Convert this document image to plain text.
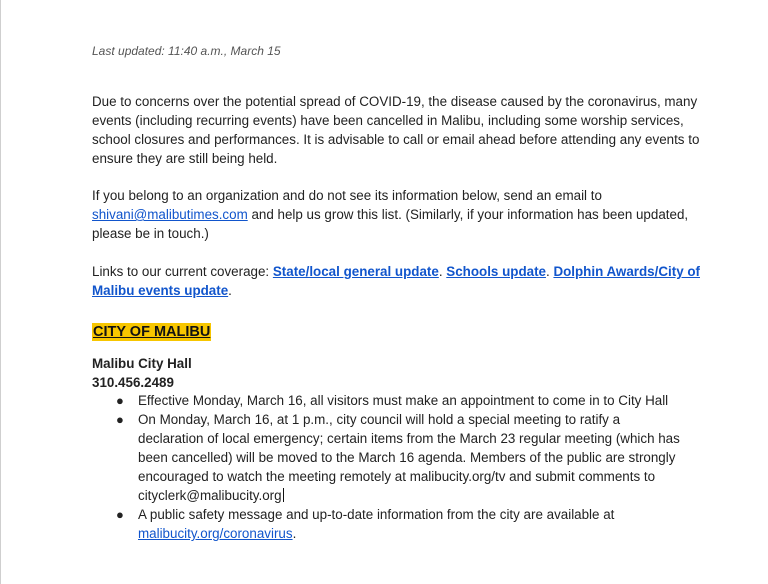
Last updated: 11:40 a.m., March 15
Due to concerns over the potential spread of COVID-19, the disease caused by the coronavirus, many events (including recurring events) have been cancelled in Malibu, including some worship services, school closures and performances. It is advisable to call or email ahead before attending any events to ensure they are still being held.
If you belong to an organization and do not see its information below, send an email to shivani@malibutimes.com and help us grow this list. (Similarly, if your information has been updated, please be in touch.)
Links to our current coverage: State/local general update. Schools update. Dolphin Awards/City of Malibu events update.
CITY OF MALIBU
Malibu City Hall
310.456.2489
● Effective Monday, March 16, all visitors must make an appointment to come in to City Hall
● On Monday, March 16, at 1 p.m., city council will hold a special meeting to ratify a declaration of local emergency; certain items from the March 23 regular meeting (which has been cancelled) will be moved to the March 16 agenda. Members of the public are strongly encouraged to watch the meeting remotely at malibucity.org/tv and submit comments to cityclerk@malibucity.org
● A public safety message and up-to-date information from the city are available at malibucity.org/coronavirus.
